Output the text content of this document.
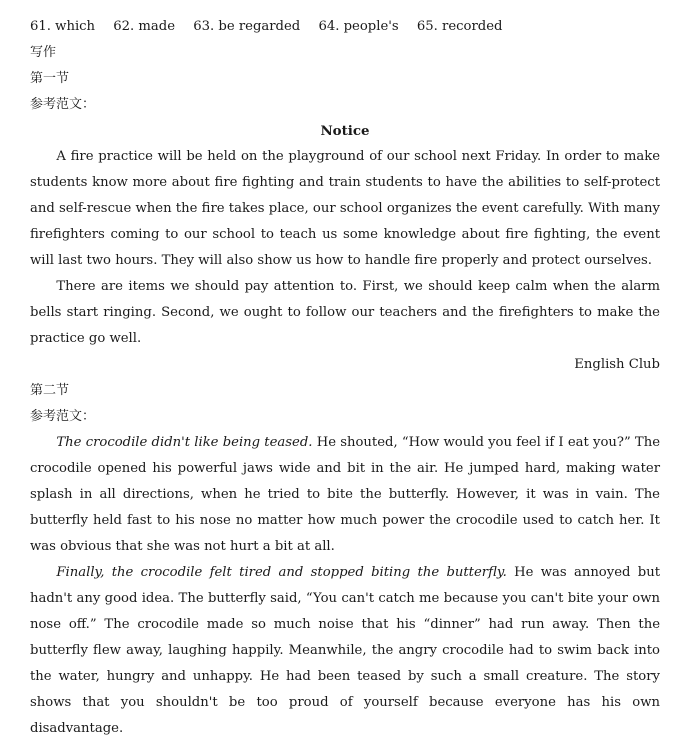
61. which 62. made 63. be regarded 64. people's 65. recorded
写作
第一节
参考范文：
Notice

A fire practice will be held on the playground of our school next Friday. In order to make students know more about fire fighting and train students to have the abilities to self-protect and self-rescue when the fire takes place, our school organizes the event carefully. With many firefighters coming to our school to teach us some knowledge about fire fighting, the event will last two hours. They will also show us how to handle fire properly and protect ourselves.

There are items we should pay attention to. First, we should keep calm when the alarm bells start ringing. Second, we ought to follow our teachers and the firefighters to make the practice go well.

English Club
第二节
参考范文：

The crocodile didn't like being teased. He shouted, “How would you feel if I eat you?” The crocodile opened his powerful jaws wide and bit in the air. He jumped hard, making water splash in all directions, when he tried to bite the butterfly. However, it was in vain. The butterfly held fast to his nose no matter how much power the crocodile used to catch her. It was obvious that she was not hurt a bit at all.

Finally, the crocodile felt tired and stopped biting the butterfly. He was annoyed but hadn't any good idea. The butterfly said, “You can't catch me because you can't bite your own nose off.” The crocodile made so much noise that his “dinner” had run away. Then the butterfly flew away, laughing happily. Meanwhile, the angry crocodile had to swim back into the water, hungry and unhappy. He had been teased by such a small creature. The story shows that you shouldn't be too proud of yourself because everyone has his own disadvantage.
